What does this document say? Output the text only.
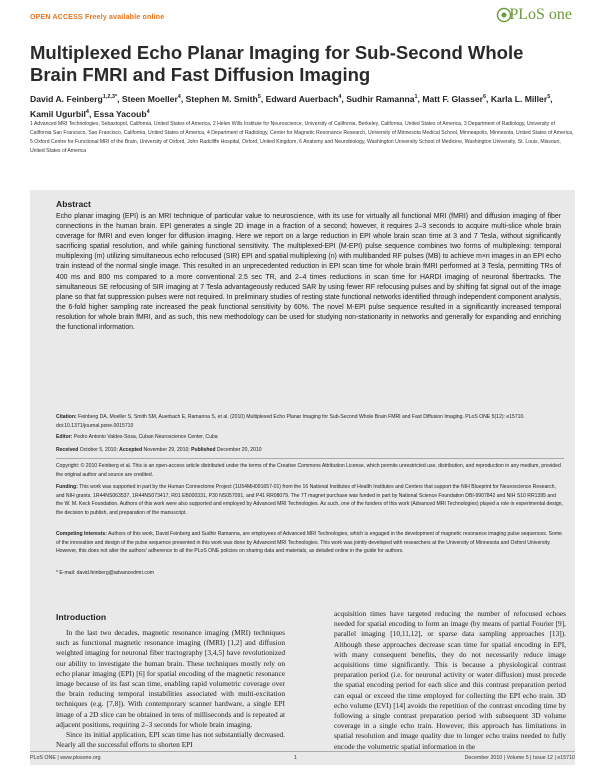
OPEN ACCESS Freely available online	PLoS one
Multiplexed Echo Planar Imaging for Sub-Second Whole Brain FMRI and Fast Diffusion Imaging

David A. Feinberg$^{1,2,3*}$, Steen Moeller$^4$, Stephen M. Smith$^5$, Edward Auerbach$^4$, Sudhir Ramanna$^1$, Matt F. Glasser$^6$, Karla L. Miller$^5$, Kamil Ugurbil$^4$, Essa Yacoub$^4$

1 Advanced MRI Technologies, Sebastopol, California, United States of America, 2 Helen Wills Institute for Neuroscience, University of California, Berkeley, California, United States of America, 3 Department of Radiology, University of California San Francisco, San Francisco, California, United States of America, 4 Department of Radiology, Center for Magnetic Resonance Research, University of Minnesota Medical School, Minneapolis, Minnesota, United States of America, 5 Oxford Centre for Functional MRI of the Brain, University of Oxford, John Radcliffe Hospital, Oxford, United Kingdom, 6 Anatomy and Neurobiology, Washington University School of Medicine, Washington University, St. Louis, Missouri, United States of America

Abstract

Echo planar imaging (EPI) is an MRI technique of particular value to neuroscience, with its use for virtually all functional MRI (fMRI) and diffusion imaging of fiber connections in the human brain. EPI generates a single 2D image in a fraction of a second; however, it requires 2–3 seconds to acquire multi-slice whole brain coverage for fMRI and even longer for diffusion imaging. Here we report on a large reduction in EPI whole brain scan time at 3 and 7 Tesla, without significantly sacrificing spatial resolution, and while gaining functional sensitivity. The multiplexed-EPI (M-EPI) pulse sequence combines two forms of multiplexing: temporal multiplexing (m) utilizing simultaneous echo refocused (SIR) EPI and spatial multiplexing (n) with multibanded RF pulses (MB) to achieve m×n images in an EPI echo train instead of the normal single image. This resulted in an unprecedented reduction in EPI scan time for whole brain fMRI performed at 3 Tesla, permitting TRs of 400 ms and 800 ms compared to a more conventional 2.5 sec TR, and 2–4 times reductions in scan time for HARDI imaging of neuronal fibertracks. The simultaneous SE refocusing of SIR imaging at 7 Tesla advantageously reduced SAR by using fewer RF refocusing pulses and by shifting fat signal out of the image plane so that fat suppression pulses were not required. In preliminary studies of resting state functional networks identified through independent component analysis, the 6-fold higher sampling rate increased the peak functional sensitivity by 60%. The novel M-EPI pulse sequence resulted in a significantly increased temporal resolution for whole brain fMRI, and as such, this new methodology can be used for studying non-stationarity in networks and generally for expanding and enriching the functional information.

Citation: Feinberg DA, Moeller S, Smith SM, Auerbach E, Ramanna S, et al. (2010) Multiplexed Echo Planar Imaging for Sub-Second Whole Brain FMRI and Fast Diffusion Imaging. PLoS ONE 5(12): e15710. doi:10.1371/journal.pone.0015710

Editor: Pedro Antonio Valdes-Sosa, Cuban Neuroscience Center, Cuba

Received October 5, 2010; Accepted November 29, 2010; Published December 20, 2010

Copyright: © 2010 Feinberg et al. This is an open-access article distributed under the terms of the Creative Commons Attribution License, which permits unrestricted use, distribution, and reproduction in any medium, provided the original author and source are credited.

Funding: This work was supported in part by the Human Connectome Project (1U54MH091657-01) from the 16 National Institutes of Health Institutes and Centers that support the NIH Blueprint for Neuroscience Research, and NIH grants, 1R44NS063537, 1R44NS073417, R01 EB000331, P30 NS057091, and P41 RR08079. The 7T magnet purchase was funded in part by National Science Foundation DBI-9907842 and NIH S10 RR1395 and the W. M. Keck Foundation. Authors of this work were also supported and employed by Advanced MRI Technologies. As such, one of the funders of this work (Advanced MRI Technologies) played a role in experimental design, the decision to publish, and preparation of the manuscript.

Competing Interests: Authors of this work, David Feinberg and Sudhir Ramanna, are employees of Advanced MRI Technologies, which is engaged in the development of magnetic resonance imaging pulse sequences. Some of the innovation and design of the pulse sequence presented in this work was done by Advanced MRI Technologies. This work was jointly developed with researchers at the University of Minnesota and Oxford University. However, this does not alter the authors' adherence to all the PLoS ONE policies on sharing data and materials, as detailed online in the guide for authors.

* E-mail: david.feinberg@advancedmri.com

Introduction

In the last two decades, magnetic resonance imaging (MRI) techniques such as functional magnetic resonance imaging (fMRI) [1,2] and diffusion weighted imaging for neuronal fiber tractography [3,4,5] have revolutionized our ability to investigate the human brain. These techniques mostly rely on echo planar imaging (EPI) [6] for spatial encoding of the magnetic resonance image because of its fast scan time, enabling rapid volumetric coverage over the brain reducing temporal instabilities associated with multi-excitation techniques (e.g. [7,8]). With contemporary scanner hardware, a single EPI image of a 2D slice can be obtained in tens of milliseconds and is repeated at adjacent positions, requiring 2–3 seconds for whole brain imaging.

Since its initial application, EPI scan time has not substantially decreased. Nearly all the successful efforts to shorten EPI

acquisition times have targeted reducing the number of refocused echoes needed for spatial encoding to form an image (by means of partial Fourier [9], parallel imaging [10,11,12], or sparse data sampling approaches [13]). Although these approaches decrease scan time for spatial encoding in EPI, with many consequent benefits, they do not necessarily reduce image acquisitions time significantly. This is because a physiological contrast preparation period (i.e. for neuronal activity or water diffusion) must precede the spatial encoding period for each slice and this contrast preparation period can equal or exceed the time employed for collecting the EPI echo train. 3D echo volume (EVI) [14] avoids the repetition of the contrast encoding time by following a single contrast preparation period with subsequent 3D volume coverage in a single echo train. However, this approach has limitations in spatial resolution and image quality due to longer echo trains needed to fully encode the volumetric spatial information in the

PLoS ONE | www.plosone.org	1	December 2010 | Volume 5 | Issue 12 | e15710
